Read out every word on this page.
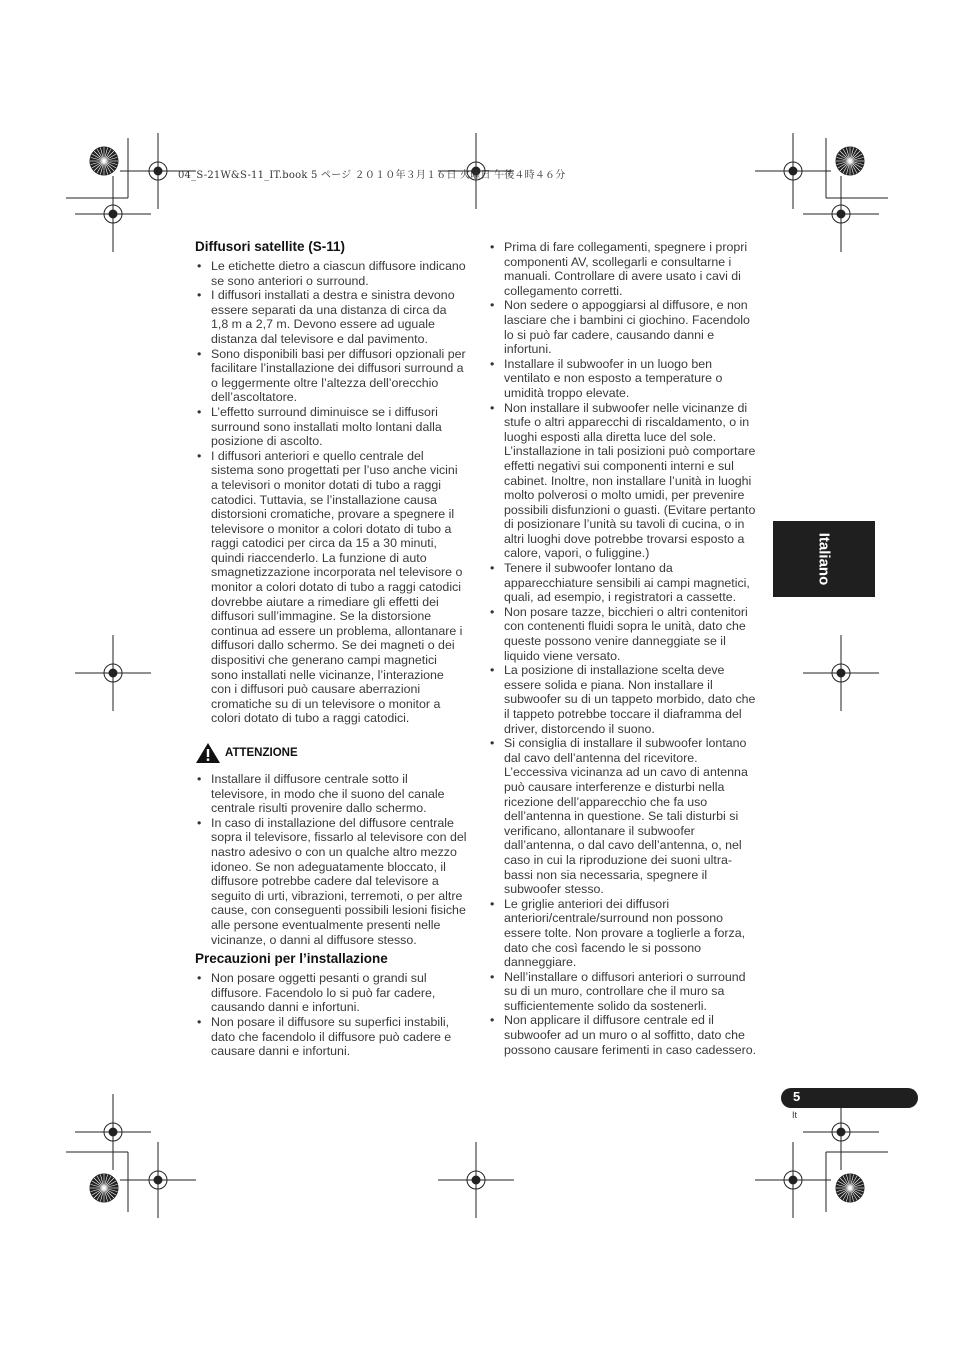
04_S-21W&S-11_IT.book 5 ページ ２０１０年３月１６日 火曜日 午後４時４６分
Diffusori satellite (S-11)
• Le etichette dietro a ciascun diffusore indicano se sono anteriori o surround.
• I diffusori installati a destra e sinistra devono essere separati da una distanza di circa da 1,8 m a 2,7 m. Devono essere ad uguale distanza dal televisore e dal pavimento.
• Sono disponibili basi per diffusori opzionali per facilitare l’installazione dei diffusori surround a o leggermente oltre l’altezza dell’orecchio dell’ascoltatore.
• L’effetto surround diminuisce se i diffusori surround sono installati molto lontani dalla posizione di ascolto.
• I diffusori anteriori e quello centrale del sistema sono progettati per l’uso anche vicini a televisori o monitor dotati di tubo a raggi catodici. Tuttavia, se l’installazione causa distorsioni cromatiche, provare a spegnere il televisore o monitor a colori dotato di tubo a raggi catodici per circa da 15 a 30 minuti, quindi riaccenderlo. La funzione di auto smagnetizzazione incorporata nel televisore o monitor a colori dotato di tubo a raggi catodici dovrebbe aiutare a rimediare gli effetti dei diffusori sull’immagine. Se la distorsione continua ad essere un problema, allontanare i diffusori dallo schermo. Se dei magneti o dei dispositivi che generano campi magnetici sono installati nelle vicinanze, l’interazione con i diffusori può causare aberrazioni cromatiche su di un televisore o monitor a colori dotato di tubo a raggi catodici.
ATTENZIONE
• Installare il diffusore centrale sotto il televisore, in modo che il suono del canale centrale risulti provenire dallo schermo.
• In caso di installazione del diffusore centrale sopra il televisore, fissarlo al televisore con del nastro adesivo o con un qualche altro mezzo idoneo. Se non adeguatamente bloccato, il diffusore potrebbe cadere dal televisore a seguito di urti, vibrazioni, terremoti, o per altre cause, con conseguenti possibili lesioni fisiche alle persone eventualmente presenti nelle vicinanze, o danni al diffusore stesso.
Precauzioni per l’installazione
• Non posare oggetti pesanti o grandi sul diffusore. Facendolo lo si può far cadere, causando danni e infortuni.
• Non posare il diffusore su superfici instabili, dato che facendolo il diffusore può cadere e causare danni e infortuni.
• Prima di fare collegamenti, spegnere i propri componenti AV, scollegarli e consultarne i manuali. Controllare di avere usato i cavi di collegamento corretti.
• Non sedere o appoggiarsi al diffusore, e non lasciare che i bambini ci giochino. Facendolo lo si può far cadere, causando danni e infortuni.
• Installare il subwoofer in un luogo ben ventilato e non esposto a temperature o umidità troppo elevate.
• Non installare il subwoofer nelle vicinanze di stufe o altri apparecchi di riscaldamento, o in luoghi esposti alla diretta luce del sole. L’installazione in tali posizioni può comportare effetti negativi sui componenti interni e sul cabinet. Inoltre, non installare l’unità in luoghi molto polverosi o molto umidi, per prevenire possibili disfunzioni o guasti. (Evitare pertanto di posizionare l’unità su tavoli di cucina, o in altri luoghi dove potrebbe trovarsi esposto a calore, vapori, o fuliggine.)
• Tenere il subwoofer lontano da apparecchiature sensibili ai campi magnetici, quali, ad esempio, i registratori a cassette.
• Non posare tazze, bicchieri o altri contenitori con contenenti fluidi sopra le unità, dato che queste possono venire danneggiate se il liquido viene versato.
• La posizione di installazione scelta deve essere solida e piana. Non installare il subwoofer su di un tappeto morbido, dato che il tappeto potrebbe toccare il diaframma del driver, distorcendo il suono.
• Si consiglia di installare il subwoofer lontano dal cavo dell’antenna del ricevitore. L’eccessiva vicinanza ad un cavo di antenna può causare interferenze e disturbi nella ricezione dell’apparecchio che fa uso dell’antenna in questione. Se tali disturbi si verificano, allontanare il subwoofer dall’antenna, o dal cavo dell’antenna, o, nel caso in cui la riproduzione dei suoni ultra-bassi non sia necessaria, spegnere il subwoofer stesso.
• Le griglie anteriori dei diffusori anteriori/centrale/surround non possono essere tolte. Non provare a toglierle a forza, dato che così facendo le si possono danneggiare.
• Nell’installare o diffusori anteriori o surround su di un muro, controllare che il muro sa sufficientemente solido da sostenerli.
• Non applicare il diffusore centrale ed il subwoofer ad un muro o al soffitto, dato che possono causare ferimenti in caso cadessero.
Italiano
5
It
